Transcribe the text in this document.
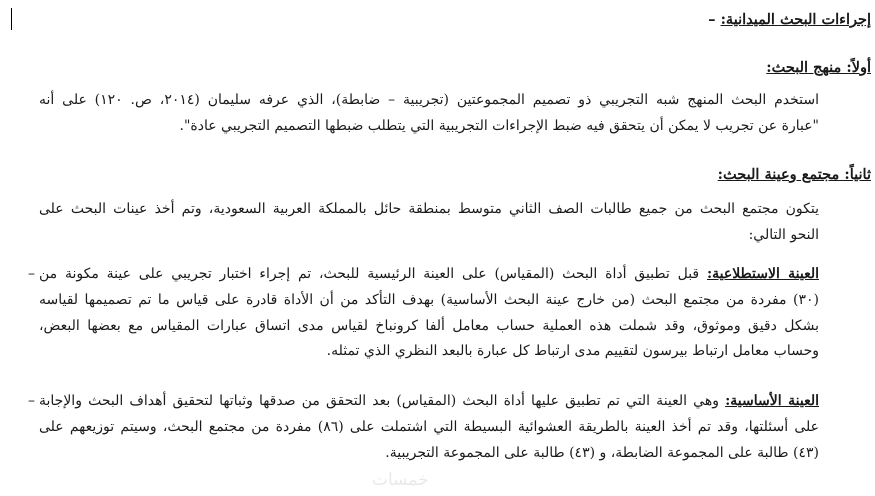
إجراءات البحث الميدانية: –
أولاً: منهج البحث:
استخدم البحث المنهج شبه التجريبي ذو تصميم المجموعتين (تجريبية – ضابطة)، الذي عرفه سليمان (٢٠١٤، ص. ١٢٠) على أنه
"عبارة عن تجريب لا يمكن أن يتحقق فيه ضبط الإجراءات التجريبية التي يتطلب ضبطها التصميم التجريبي عادة".
ثانياً: مجتمع وعينة البحث:
يتكون مجتمع البحث من جميع طالبات الصف الثاني متوسط بمنطقة حائل بالمملكة العربية السعودية، وتم أخذ عينات البحث على
النحو التالي:
–	العينة الاستطلاعية: قبل تطبيق أداة البحث (المقياس) على العينة الرئيسية للبحث، تم إجراء اختبار تجريبي على عينة مكونة من
(٣٠) مفردة من مجتمع البحث (من خارج عينة البحث الأساسية) بهدف التأكد من أن الأداة قادرة على قياس ما تم تصميمها لقياسه
بشكل دقيق وموثوق، وقد شملت هذه العملية حساب معامل ألفا كرونباخ لقياس مدى اتساق عبارات المقياس مع بعضها البعض،
وحساب معامل ارتباط بيرسون لتقييم مدى ارتباط كل عبارة بالبعد النظري الذي تمثله.
–	العينة الأساسية: وهي العينة التي تم تطبيق عليها أداة البحث (المقياس) بعد التحقق من صدقها وثباتها لتحقيق أهداف البحث والإجابة
على أسئلتها، وقد تم أخذ العينة بالطريقة العشوائية البسيطة التي اشتملت على (٨٦) مفردة من مجتمع البحث، وسيتم توزيعهم على
(٤٣) طالبة على المجموعة الضابطة، و (٤٣) طالبة على المجموعة التجريبية.
خمسات
